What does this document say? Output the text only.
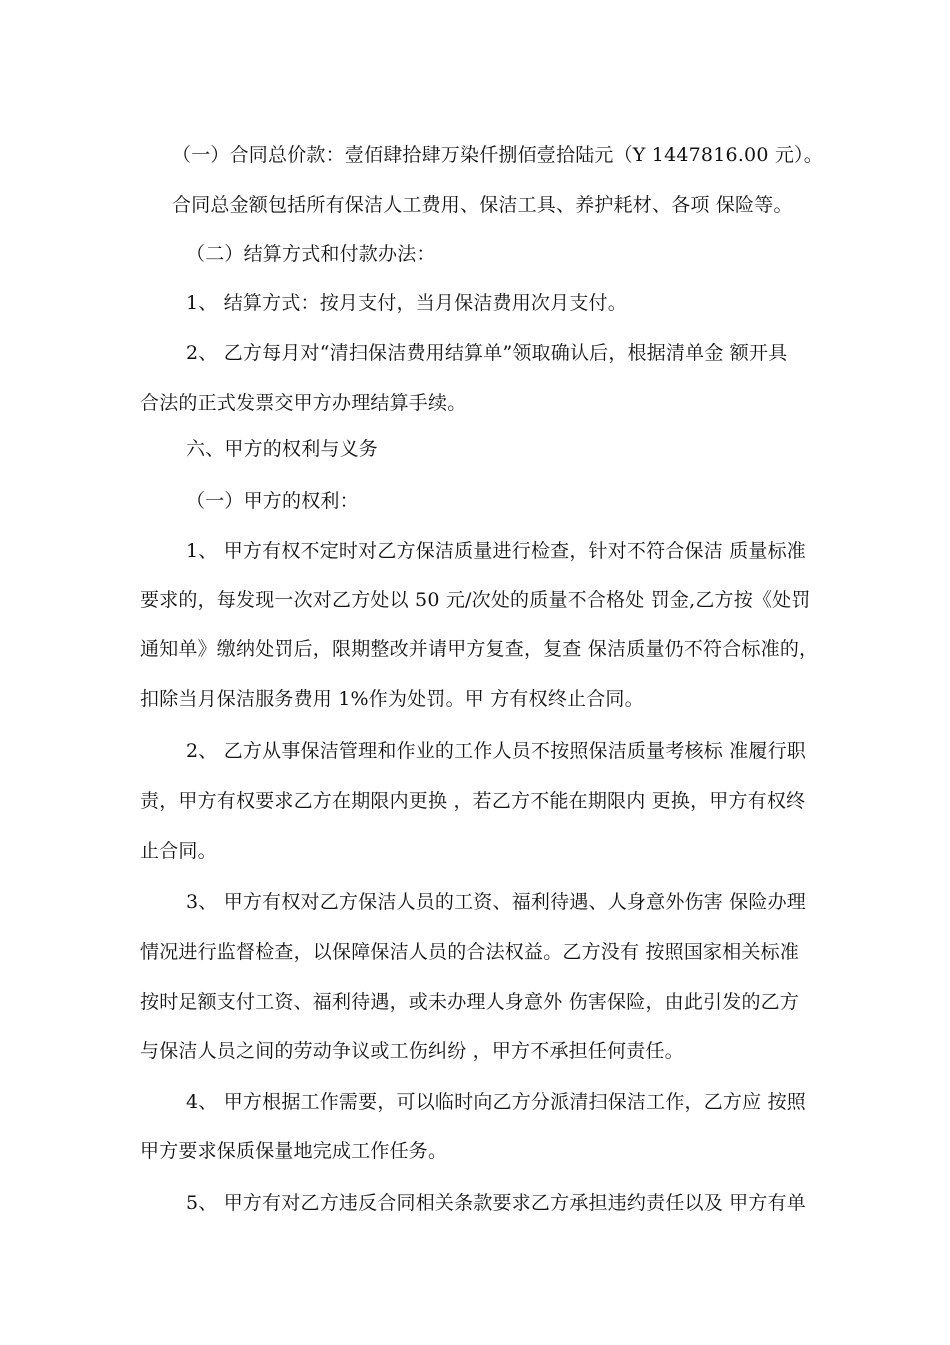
（一）合同总价款：壹佰肆拾肆万染仟捌佰壹拾陆元（Y 1447816.00 元）。
合同总金额包括所有保洁人工费用、保洁工具、养护耗材、各项 保险等。
（二）结算方式和付款办法：
1、 结算方式：按月支付，当月保洁费用次月支付。
2、 乙方每月对“清扫保洁费用结算单”领取确认后，根据清单金 额开具
合法的正式发票交甲方办理结算手续。
六、甲方的权利与义务
（一）甲方的权利：
1、 甲方有权不定时对乙方保洁质量进行检查，针对不符合保洁 质量标准
要求的，每发现一次对乙方处以 50 元/次处的质量不合格处 罚金,乙方按《处罚
通知单》缴纳处罚后，限期整改并请甲方复查，复查 保洁质量仍不符合标准的，
扣除当月保洁服务费用 1%作为处罚。甲 方有权终止合同。
2、 乙方从事保洁管理和作业的工作人员不按照保洁质量考核标 准履行职
责，甲方有权要求乙方在期限内更换 ，若乙方不能在期限内 更换，甲方有权终
止合同。
3、 甲方有权对乙方保洁人员的工资、福利待遇、人身意外伤害 保险办理
情况进行监督检查，以保障保洁人员的合法权益。乙方没有 按照国家相关标准
按时足额支付工资、福利待遇，或未办理人身意外 伤害保险，由此引发的乙方
与保洁人员之间的劳动争议或工伤纠纷 ，甲方不承担任何责任。
4、 甲方根据工作需要，可以临时向乙方分派清扫保洁工作，乙方应 按照
甲方要求保质保量地完成工作任务。
5、 甲方有对乙方违反合同相关条款要求乙方承担违约责任以及 甲方有单
